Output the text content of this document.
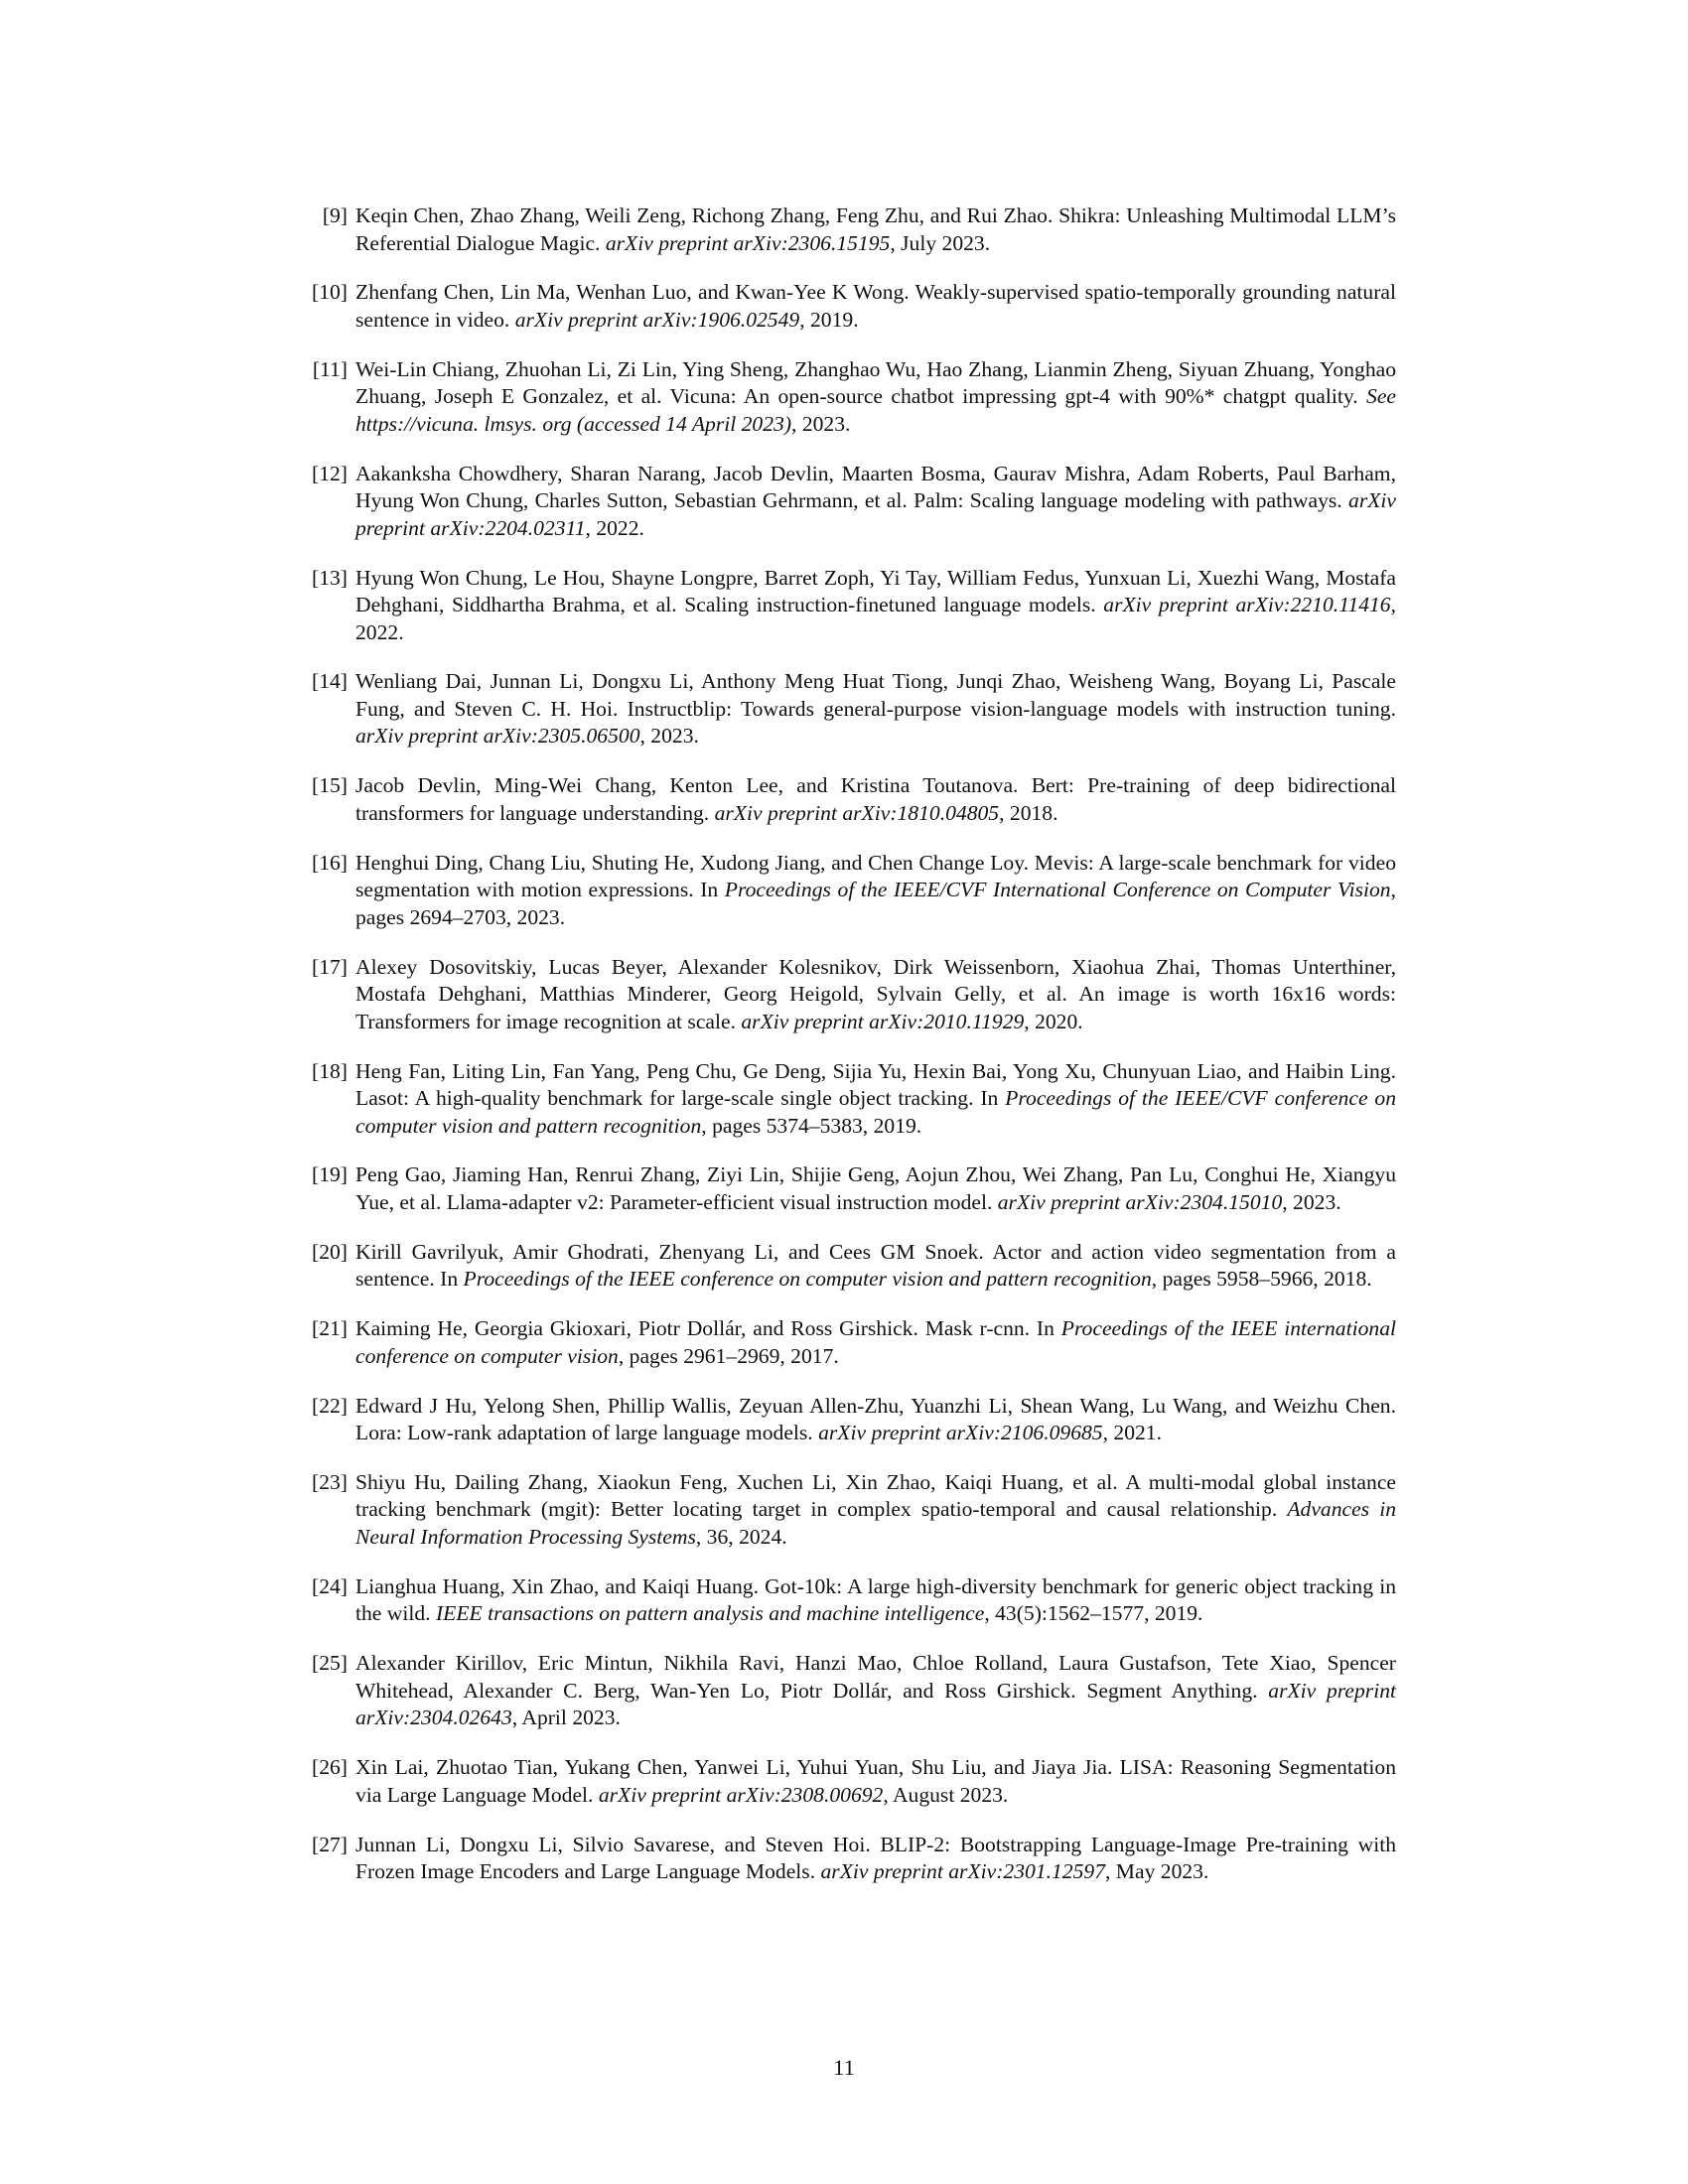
[9] Keqin Chen, Zhao Zhang, Weili Zeng, Richong Zhang, Feng Zhu, and Rui Zhao. Shikra: Unleashing Multimodal LLM’s Referential Dialogue Magic. arXiv preprint arXiv:2306.15195, July 2023.
[10] Zhenfang Chen, Lin Ma, Wenhan Luo, and Kwan-Yee K Wong. Weakly-supervised spatio-temporally grounding natural sentence in video. arXiv preprint arXiv:1906.02549, 2019.
[11] Wei-Lin Chiang, Zhuohan Li, Zi Lin, Ying Sheng, Zhanghao Wu, Hao Zhang, Lianmin Zheng, Siyuan Zhuang, Yonghao Zhuang, Joseph E Gonzalez, et al. Vicuna: An open-source chatbot impressing gpt-4 with 90%* chatgpt quality. See https://vicuna. lmsys. org (accessed 14 April 2023), 2023.
[12] Aakanksha Chowdhery, Sharan Narang, Jacob Devlin, Maarten Bosma, Gaurav Mishra, Adam Roberts, Paul Barham, Hyung Won Chung, Charles Sutton, Sebastian Gehrmann, et al. Palm: Scaling language modeling with pathways. arXiv preprint arXiv:2204.02311, 2022.
[13] Hyung Won Chung, Le Hou, Shayne Longpre, Barret Zoph, Yi Tay, William Fedus, Yunxuan Li, Xuezhi Wang, Mostafa Dehghani, Siddhartha Brahma, et al. Scaling instruction-finetuned language models. arXiv preprint arXiv:2210.11416, 2022.
[14] Wenliang Dai, Junnan Li, Dongxu Li, Anthony Meng Huat Tiong, Junqi Zhao, Weisheng Wang, Boyang Li, Pascale Fung, and Steven C. H. Hoi. Instructblip: Towards general-purpose vision-language models with instruction tuning. arXiv preprint arXiv:2305.06500, 2023.
[15] Jacob Devlin, Ming-Wei Chang, Kenton Lee, and Kristina Toutanova. Bert: Pre-training of deep bidirectional transformers for language understanding. arXiv preprint arXiv:1810.04805, 2018.
[16] Henghui Ding, Chang Liu, Shuting He, Xudong Jiang, and Chen Change Loy. Mevis: A large-scale benchmark for video segmentation with motion expressions. In Proceedings of the IEEE/CVF International Conference on Computer Vision, pages 2694–2703, 2023.
[17] Alexey Dosovitskiy, Lucas Beyer, Alexander Kolesnikov, Dirk Weissenborn, Xiaohua Zhai, Thomas Unterthiner, Mostafa Dehghani, Matthias Minderer, Georg Heigold, Sylvain Gelly, et al. An image is worth 16x16 words: Transformers for image recognition at scale. arXiv preprint arXiv:2010.11929, 2020.
[18] Heng Fan, Liting Lin, Fan Yang, Peng Chu, Ge Deng, Sijia Yu, Hexin Bai, Yong Xu, Chunyuan Liao, and Haibin Ling. Lasot: A high-quality benchmark for large-scale single object tracking. In Proceedings of the IEEE/CVF conference on computer vision and pattern recognition, pages 5374–5383, 2019.
[19] Peng Gao, Jiaming Han, Renrui Zhang, Ziyi Lin, Shijie Geng, Aojun Zhou, Wei Zhang, Pan Lu, Conghui He, Xiangyu Yue, et al. Llama-adapter v2: Parameter-efficient visual instruction model. arXiv preprint arXiv:2304.15010, 2023.
[20] Kirill Gavrilyuk, Amir Ghodrati, Zhenyang Li, and Cees GM Snoek. Actor and action video segmentation from a sentence. In Proceedings of the IEEE conference on computer vision and pattern recognition, pages 5958–5966, 2018.
[21] Kaiming He, Georgia Gkioxari, Piotr Dollár, and Ross Girshick. Mask r-cnn. In Proceedings of the IEEE international conference on computer vision, pages 2961–2969, 2017.
[22] Edward J Hu, Yelong Shen, Phillip Wallis, Zeyuan Allen-Zhu, Yuanzhi Li, Shean Wang, Lu Wang, and Weizhu Chen. Lora: Low-rank adaptation of large language models. arXiv preprint arXiv:2106.09685, 2021.
[23] Shiyu Hu, Dailing Zhang, Xiaokun Feng, Xuchen Li, Xin Zhao, Kaiqi Huang, et al. A multi-modal global instance tracking benchmark (mgit): Better locating target in complex spatio-temporal and causal relationship. Advances in Neural Information Processing Systems, 36, 2024.
[24] Lianghua Huang, Xin Zhao, and Kaiqi Huang. Got-10k: A large high-diversity benchmark for generic object tracking in the wild. IEEE transactions on pattern analysis and machine intelligence, 43(5):1562–1577, 2019.
[25] Alexander Kirillov, Eric Mintun, Nikhila Ravi, Hanzi Mao, Chloe Rolland, Laura Gustafson, Tete Xiao, Spencer Whitehead, Alexander C. Berg, Wan-Yen Lo, Piotr Dollár, and Ross Girshick. Segment Anything. arXiv preprint arXiv:2304.02643, April 2023.
[26] Xin Lai, Zhuotao Tian, Yukang Chen, Yanwei Li, Yuhui Yuan, Shu Liu, and Jiaya Jia. LISA: Reasoning Segmentation via Large Language Model. arXiv preprint arXiv:2308.00692, August 2023.
[27] Junnan Li, Dongxu Li, Silvio Savarese, and Steven Hoi. BLIP-2: Bootstrapping Language-Image Pre-training with Frozen Image Encoders and Large Language Models. arXiv preprint arXiv:2301.12597, May 2023.
11
